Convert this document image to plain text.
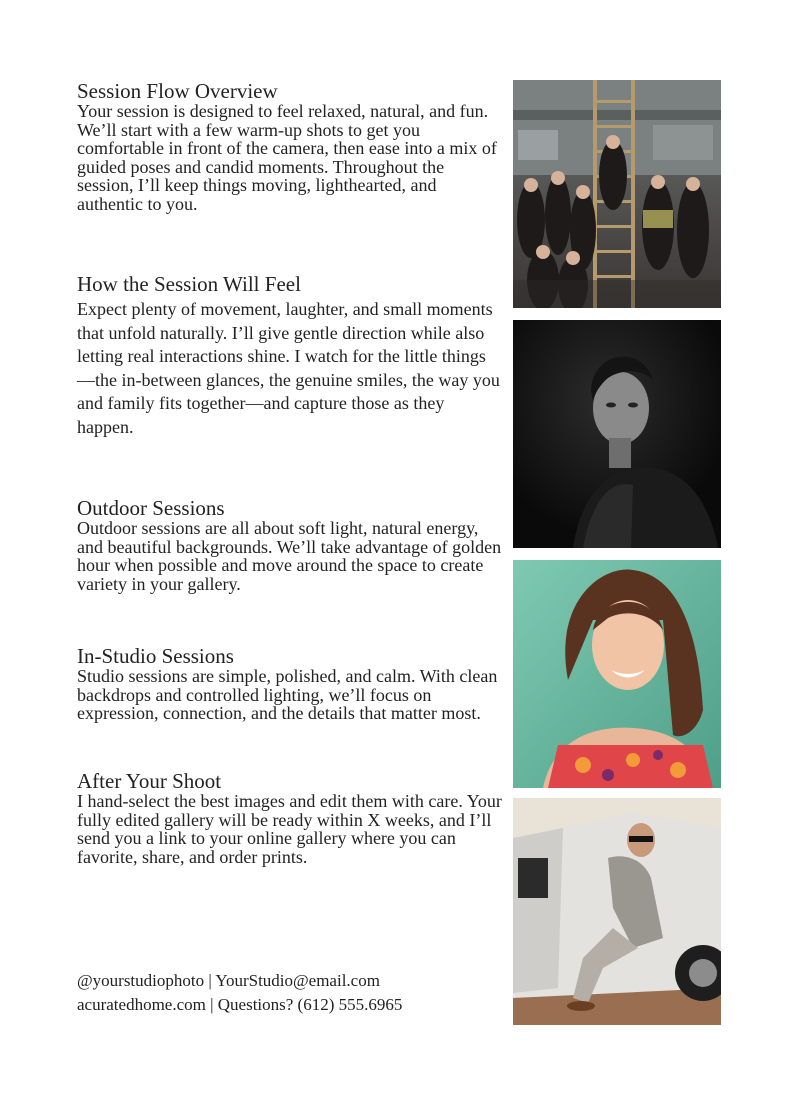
Session Flow Overview

Your session is designed to feel relaxed, natural, and fun. We’ll start with a few warm-up shots to get you comfortable in front of the camera, then ease into a mix of guided poses and candid moments. Throughout the session, I’ll keep things moving, lighthearted, and authentic to you.

How the Session Will Feel

Expect plenty of movement, laughter, and small moments that unfold naturally. I’ll give gentle direction while also letting real interactions shine. I watch for the little things—the in-between glances, the genuine smiles, the way you and family fits together—and capture those as they happen.

Outdoor Sessions

Outdoor sessions are all about soft light, natural energy, and beautiful backgrounds. We’ll take advantage of golden hour when possible and move around the space to create variety in your gallery.

In-Studio Sessions

Studio sessions are simple, polished, and calm. With clean backdrops and controlled lighting, we’ll focus on expression, connection, and the details that matter most.

After Your Shoot

I hand-select the best images and edit them with care. Your fully edited gallery will be ready within X weeks, and I’ll send you a link to your online gallery where you can favorite, share, and order prints.

@yourstudiophoto | YourStudio@email.com
acuratedhome.com | Questions? (612) 555.6965
